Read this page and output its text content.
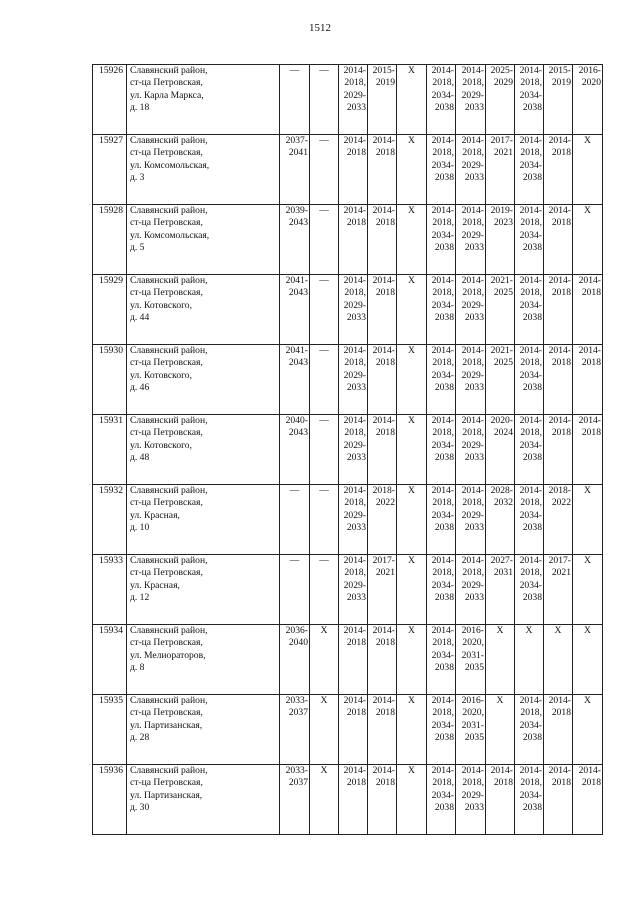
1512
15926	Славянский район,
ст-ца Петровская,
ул. Карла Маркса,
д. 18	—	—	2014-
2018,
2029-
2033	2015-
2019	X	2014-
2018,
2034-
2038	2014-
2018,
2029-
2033	2025-
2029	2014-
2018,
2034-
2038	2015-
2019	2016-
2020
15927	Славянский район,
ст-ца Петровская,
ул. Комсомольская,
д. 3	2037-
2041	—	2014-
2018	2014-
2018	X	2014-
2018,
2034-
2038	2014-
2018,
2029-
2033	2017-
2021	2014-
2018,
2034-
2038	2014-
2018	X
15928	Славянский район,
ст-ца Петровская,
ул. Комсомольская,
д. 5	2039-
2043	—	2014-
2018	2014-
2018	X	2014-
2018,
2034-
2038	2014-
2018,
2029-
2033	2019-
2023	2014-
2018,
2034-
2038	2014-
2018	X
15929	Славянский район,
ст-ца Петровская,
ул. Котовского,
д. 44	2041-
2043	—	2014-
2018,
2029-
2033	2014-
2018	X	2014-
2018,
2034-
2038	2014-
2018,
2029-
2033	2021-
2025	2014-
2018,
2034-
2038	2014-
2018	2014-
2018
15930	Славянский район,
ст-ца Петровская,
ул. Котовского,
д. 46	2041-
2043	—	2014-
2018,
2029-
2033	2014-
2018	X	2014-
2018,
2034-
2038	2014-
2018,
2029-
2033	2021-
2025	2014-
2018,
2034-
2038	2014-
2018	2014-
2018
15931	Славянский район,
ст-ца Петровская,
ул. Котовского,
д. 48	2040-
2043	—	2014-
2018,
2029-
2033	2014-
2018	X	2014-
2018,
2034-
2038	2014-
2018,
2029-
2033	2020-
2024	2014-
2018,
2034-
2038	2014-
2018	2014-
2018
15932	Славянский район,
ст-ца Петровская,
ул. Красная,
д. 10	—	—	2014-
2018,
2029-
2033	2018-
2022	X	2014-
2018,
2034-
2038	2014-
2018,
2029-
2033	2028-
2032	2014-
2018,
2034-
2038	2018-
2022	X
15933	Славянский район,
ст-ца Петровская,
ул. Красная,
д. 12	—	—	2014-
2018,
2029-
2033	2017-
2021	X	2014-
2018,
2034-
2038	2014-
2018,
2029-
2033	2027-
2031	2014-
2018,
2034-
2038	2017-
2021	X
15934	Славянский район,
ст-ца Петровская,
ул. Мелиораторов,
д. 8	2036-
2040	X	2014-
2018	2014-
2018	X	2014-
2018,
2034-
2038	2016-
2020,
2031-
2035	X	X	X	X
15935	Славянский район,
ст-ца Петровская,
ул. Партизанская,
д. 28	2033-
2037	X	2014-
2018	2014-
2018	X	2014-
2018,
2034-
2038	2016-
2020,
2031-
2035	X	2014-
2018,
2034-
2038	2014-
2018	X
15936	Славянский район,
ст-ца Петровская,
ул. Партизанская,
д. 30	2033-
2037	X	2014-
2018	2014-
2018	X	2014-
2018,
2034-
2038	2014-
2018,
2029-
2033	2014-
2018	2014-
2018,
2034-
2038	2014-
2018	2014-
2018
